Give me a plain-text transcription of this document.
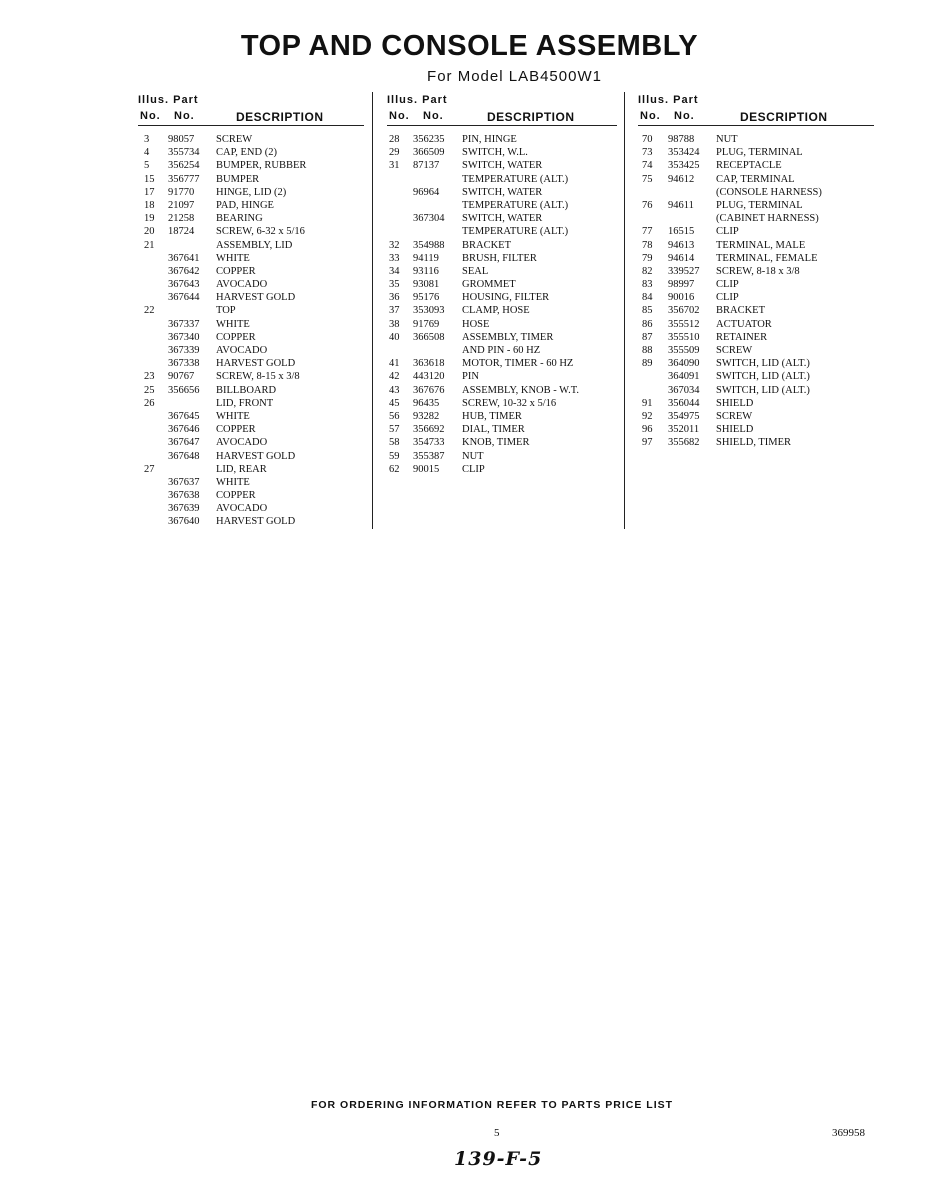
TOP AND CONSOLE ASSEMBLY
For Model LAB4500W1
Illus. Part
No. No.	DESCRIPTION
3 98057 SCREW
4 355734 CAP, END (2)
5 356254 BUMPER, RUBBER
15 356777 BUMPER
17 91770 HINGE, LID (2)
18 21097 PAD, HINGE
19 21258 BEARING
20 18724 SCREW, 6-32 x 5/16
21	ASSEMBLY, LID
367641 WHITE
367642 COPPER
367643 AVOCADO
367644 HARVEST GOLD
22	TOP
367337 WHITE
367340 COPPER
367339 AVOCADO
367338 HARVEST GOLD
23 90767 SCREW, 8-15 x 3/8
25 356656 BILLBOARD
26	LID, FRONT
367645 WHITE
367646 COPPER
367647 AVOCADO
367648 HARVEST GOLD
27	LID, REAR
367637 WHITE
367638 COPPER
367639 AVOCADO
367640 HARVEST GOLD
Illus. Part
No. No.	DESCRIPTION
28 356235 PIN, HINGE
29 366509 SWITCH, W.L.
31 87137 SWITCH, WATER
TEMPERATURE (ALT.)
96964 SWITCH, WATER
TEMPERATURE (ALT.)
367304 SWITCH, WATER
TEMPERATURE (ALT.)
32 354988 BRACKET
33 94119 BRUSH, FILTER
34 93116 SEAL
35 93081 GROMMET
36 95176 HOUSING, FILTER
37 353093 CLAMP, HOSE
38 91769 HOSE
40 366508 ASSEMBLY, TIMER
AND PIN - 60 HZ
41 363618 MOTOR, TIMER - 60 HZ
42 443120 PIN
43 367676 ASSEMBLY, KNOB - W.T.
45 96435 SCREW, 10-32 x 5/16
56 93282 HUB, TIMER
57 356692 DIAL, TIMER
58 354733 KNOB, TIMER
59 355387 NUT
62 90015 CLIP
Illus. Part
No. No.	DESCRIPTION
70 98788 NUT
73 353424 PLUG, TERMINAL
74 353425 RECEPTACLE
75 94612 CAP, TERMINAL
(CONSOLE HARNESS)
76 94611 PLUG, TERMINAL
(CABINET HARNESS)
77 16515 CLIP
78 94613 TERMINAL, MALE
79 94614 TERMINAL, FEMALE
82 339527 SCREW, 8-18 x 3/8
83 98997 CLIP
84 90016 CLIP
85 356702 BRACKET
86 355512 ACTUATOR
87 355510 RETAINER
88 355509 SCREW
89 364090 SWITCH, LID (ALT.)
364091 SWITCH, LID (ALT.)
367034 SWITCH, LID (ALT.)
91 356044 SHIELD
92 354975 SCREW
96 352011 SHIELD
97 355682 SHIELD, TIMER
FOR ORDERING INFORMATION REFER TO PARTS PRICE LIST
5	369958
139-F-5
